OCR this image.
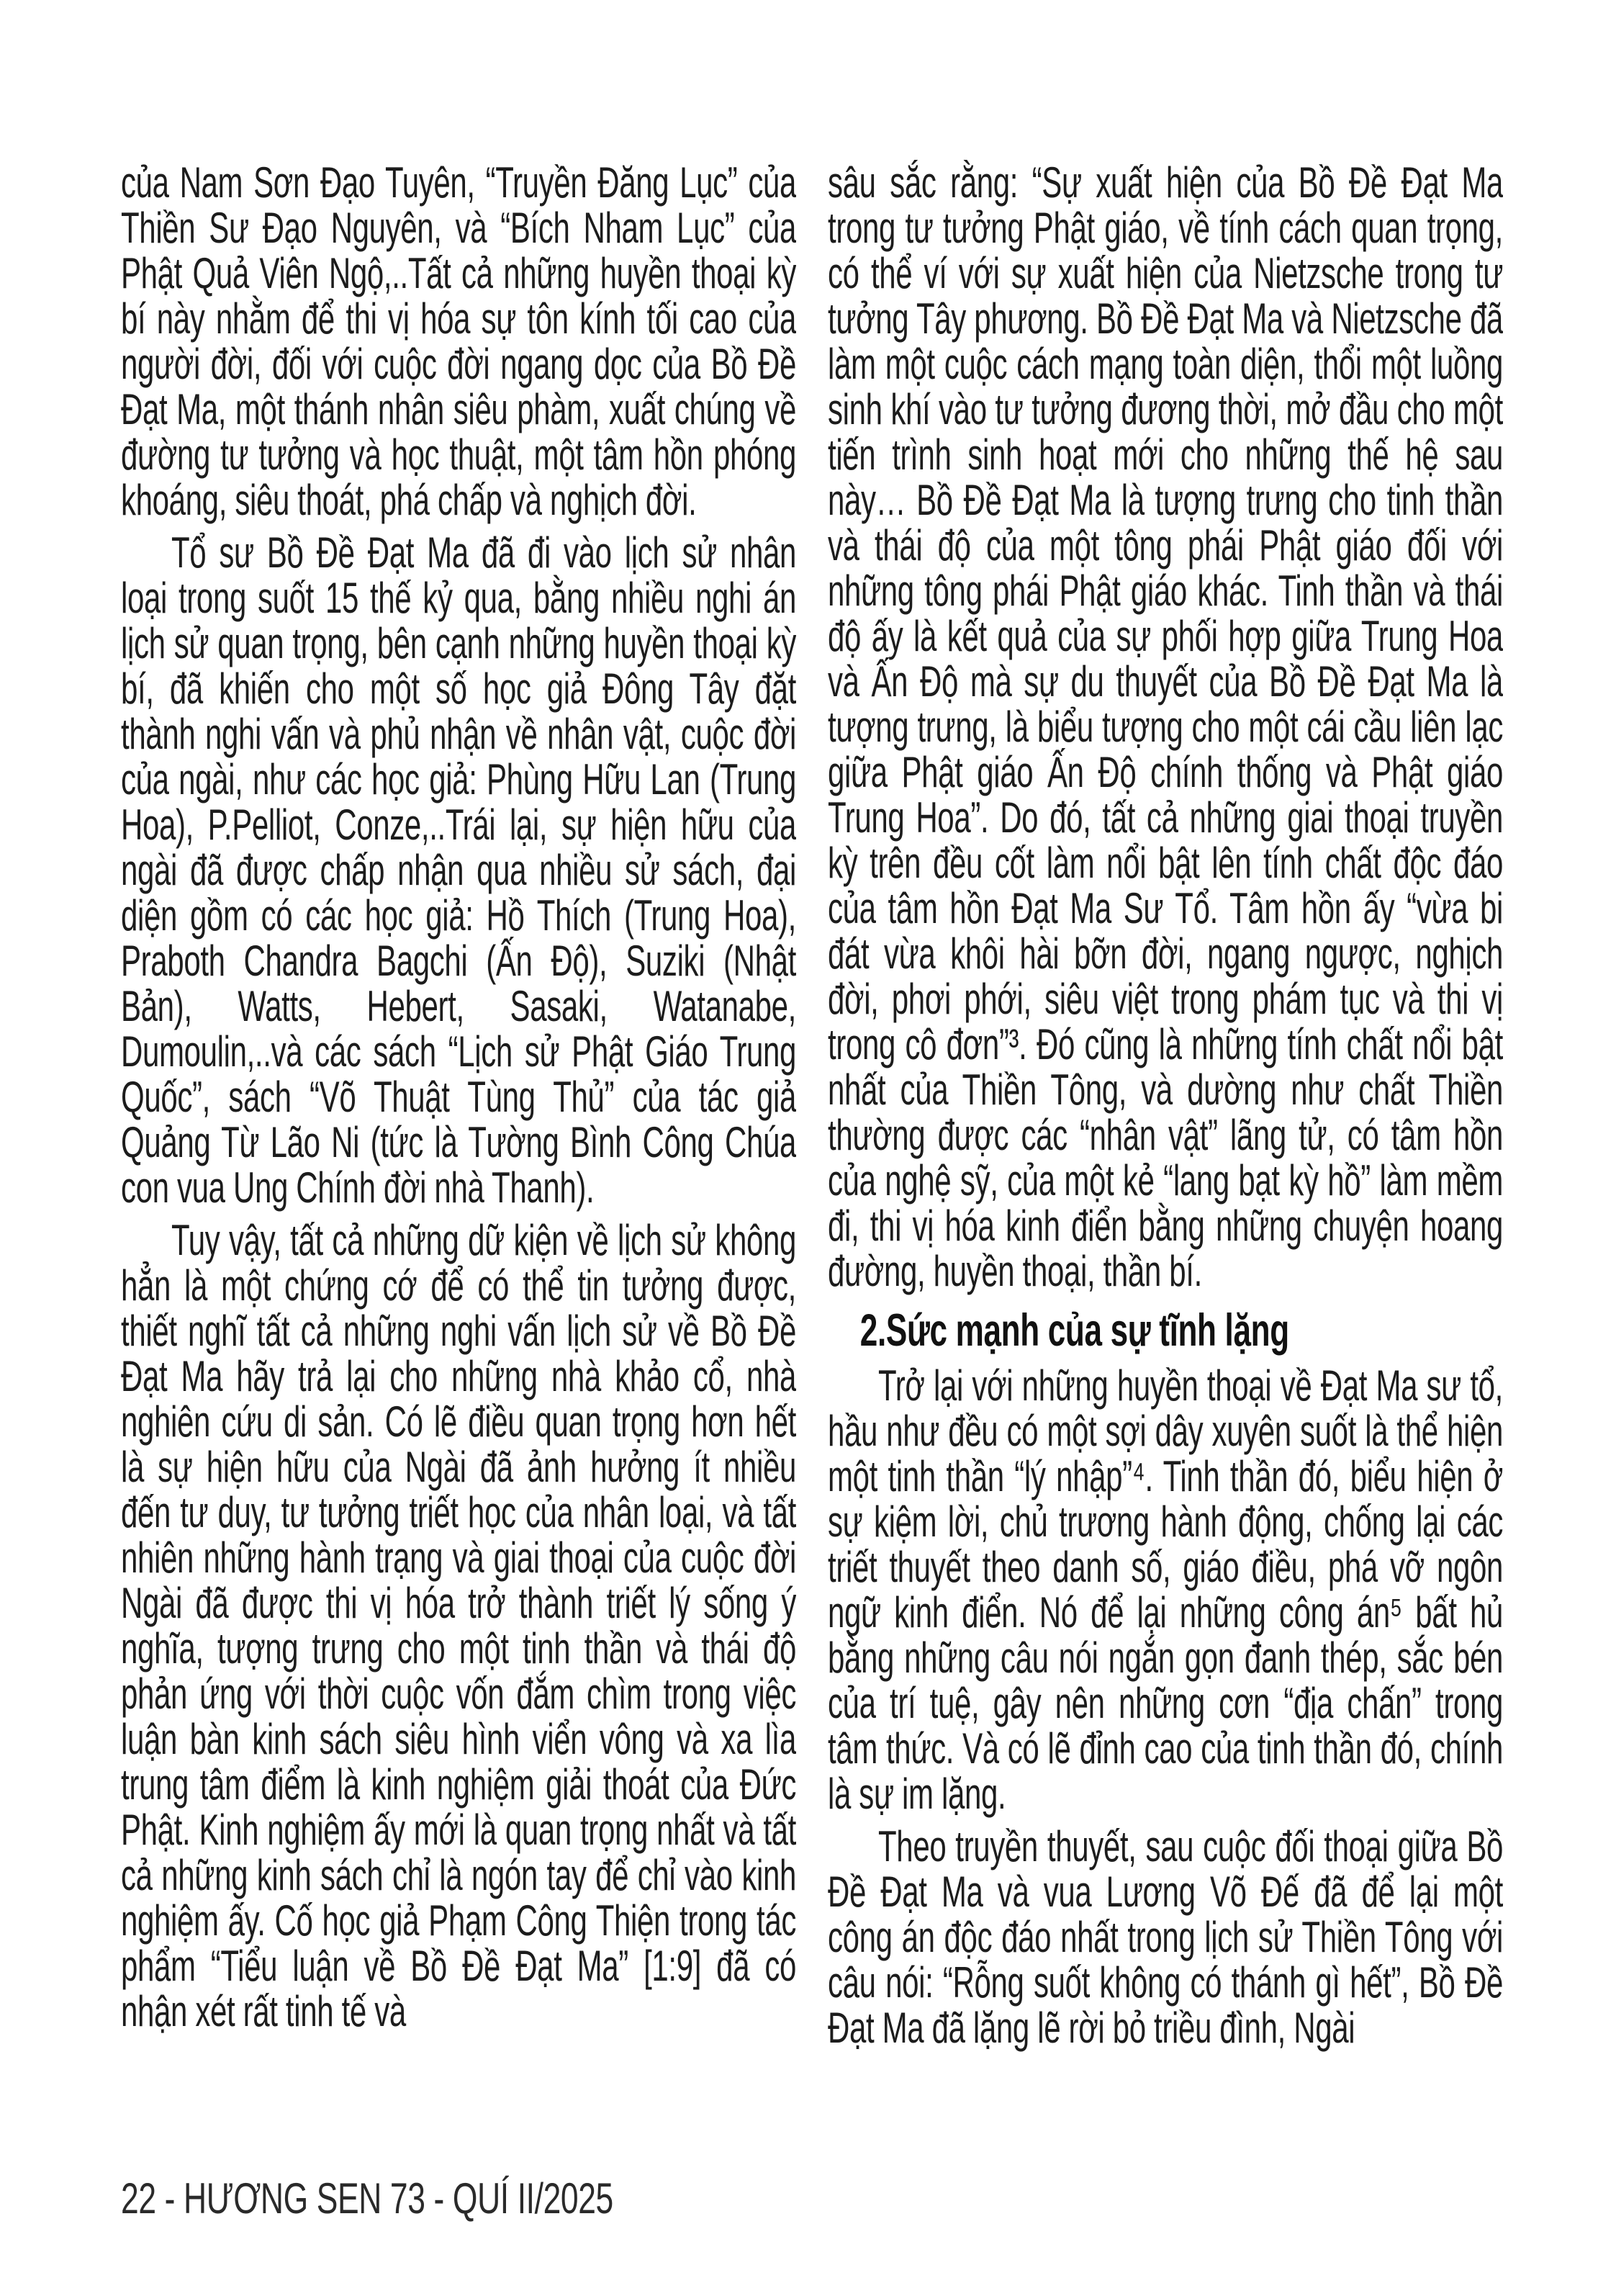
của Nam Sơn Đạo Tuyên, “Truyền Đăng Lục” của Thiền Sư Đạo Nguyên, và “Bích Nham Lục” của Phật Quả Viên Ngộ,..Tất cả những huyền thoại kỳ bí này nhằm để thi vị hóa sự tôn kính tối cao của người đời, đối với cuộc đời ngang dọc của Bồ Đề Đạt Ma, một thánh nhân siêu phàm, xuất chúng về đường tư tưởng và học thuật, một tâm hồn phóng khoáng, siêu thoát, phá chấp và nghịch đời.

Tổ sư Bồ Đề Đạt Ma đã đi vào lịch sử nhân loại trong suốt 15 thế kỷ qua, bằng nhiều nghi án lịch sử quan trọng, bên cạnh những huyền thoại kỳ bí, đã khiến cho một số học giả Đông Tây đặt thành nghi vấn và phủ nhận về nhân vật, cuộc đời của ngài, như các học giả: Phùng Hữu Lan (Trung Hoa), P.Pelliot, Conze,..Trái lại, sự hiện hữu của ngài đã được chấp nhận qua nhiều sử sách, đại diện gồm có các học giả: Hồ Thích (Trung Hoa), Praboth Chandra Bagchi (Ấn Độ), Suziki (Nhật Bản), Watts, Hebert, Sasaki, Watanabe, Dumoulin,..và các sách “Lịch sử Phật Giáo Trung Quốc”, sách “Võ Thuật Tùng Thủ” của tác giả Quảng Từ Lão Ni (tức là Tường Bình Công Chúa con vua Ung Chính đời nhà Thanh).

Tuy vậy, tất cả những dữ kiện về lịch sử không hẳn là một chứng cớ để có thể tin tưởng được, thiết nghĩ tất cả những nghi vấn lịch sử về Bồ Đề Đạt Ma hãy trả lại cho những nhà khảo cổ, nhà nghiên cứu di sản. Có lẽ điều quan trọng hơn hết là sự hiện hữu của Ngài đã ảnh hưởng ít nhiều đến tư duy, tư tưởng triết học của nhân loại, và tất nhiên những hành trạng và giai thoại của cuộc đời Ngài đã được thi vị hóa trở thành triết lý sống ý nghĩa, tượng trưng cho một tinh thần và thái độ phản ứng với thời cuộc vốn đắm chìm trong việc luận bàn kinh sách siêu hình viển vông và xa lìa trung tâm điểm là kinh nghiệm giải thoát của Đức Phật. Kinh nghiệm ấy mới là quan trọng nhất và tất cả những kinh sách chỉ là ngón tay để chỉ vào kinh nghiệm ấy. Cố học giả Phạm Công Thiện trong tác phẩm “Tiểu luận về Bồ Đề Đạt Ma” [1:9] đã có nhận xét rất tinh tế và

sâu sắc rằng: “Sự xuất hiện của Bồ Đề Đạt Ma trong tư tưởng Phật giáo, về tính cách quan trọng, có thể ví với sự xuất hiện của Nietzsche trong tư tưởng Tây phương. Bồ Đề Đạt Ma và Nietzsche đã làm một cuộc cách mạng toàn diện, thổi một luồng sinh khí vào tư tưởng đương thời, mở đầu cho một tiến trình sinh hoạt mới cho những thế hệ sau này… Bồ Đề Đạt Ma là tượng trưng cho tinh thần và thái độ của một tông phái Phật giáo đối với những tông phái Phật giáo khác. Tinh thần và thái độ ấy là kết quả của sự phối hợp giữa Trung Hoa và Ấn Độ mà sự du thuyết của Bồ Đề Đạt Ma là tượng trưng, là biểu tượng cho một cái cầu liên lạc giữa Phật giáo Ấn Độ chính thống và Phật giáo Trung Hoa”. Do đó, tất cả những giai thoại truyền kỳ trên đều cốt làm nổi bật lên tính chất độc đáo của tâm hồn Đạt Ma Sư Tổ. Tâm hồn ấy “vừa bi đát vừa khôi hài bỡn đời, ngang ngược, nghịch đời, phơi phới, siêu việt trong phám tục và thi vị trong cô đơn”³. Đó cũng là những tính chất nổi bật nhất của Thiền Tông, và dường như chất Thiền thường được các “nhân vật” lãng tử, có tâm hồn của nghệ sỹ, của một kẻ “lang bạt kỳ hồ” làm mềm đi, thi vị hóa kinh điển bằng những chuyện hoang đường, huyền thoại, thần bí.

2.Sức mạnh của sự tĩnh lặng

Trở lại với những huyền thoại về Đạt Ma sư tổ, hầu như đều có một sợi dây xuyên suốt là thể hiện một tinh thần “lý nhập”⁴. Tinh thần đó, biểu hiện ở sự kiệm lời, chủ trương hành động, chống lại các triết thuyết theo danh số, giáo điều, phá vỡ ngôn ngữ kinh điển. Nó để lại những công án⁵ bất hủ bằng những câu nói ngắn gọn đanh thép, sắc bén của trí tuệ, gây nên những cơn “địa chấn” trong tâm thức. Và có lẽ đỉnh cao của tinh thần đó, chính là sự im lặng.

Theo truyền thuyết, sau cuộc đối thoại giữa Bồ Đề Đạt Ma và vua Lương Võ Đế đã để lại một công án độc đáo nhất trong lịch sử Thiền Tông với câu nói: “Rỗng suốt không có thánh gì hết”, Bồ Đề Đạt Ma đã lặng lẽ rời bỏ triều đình, Ngài

22 - HƯƠNG SEN 73 - QUÍ II/2025
